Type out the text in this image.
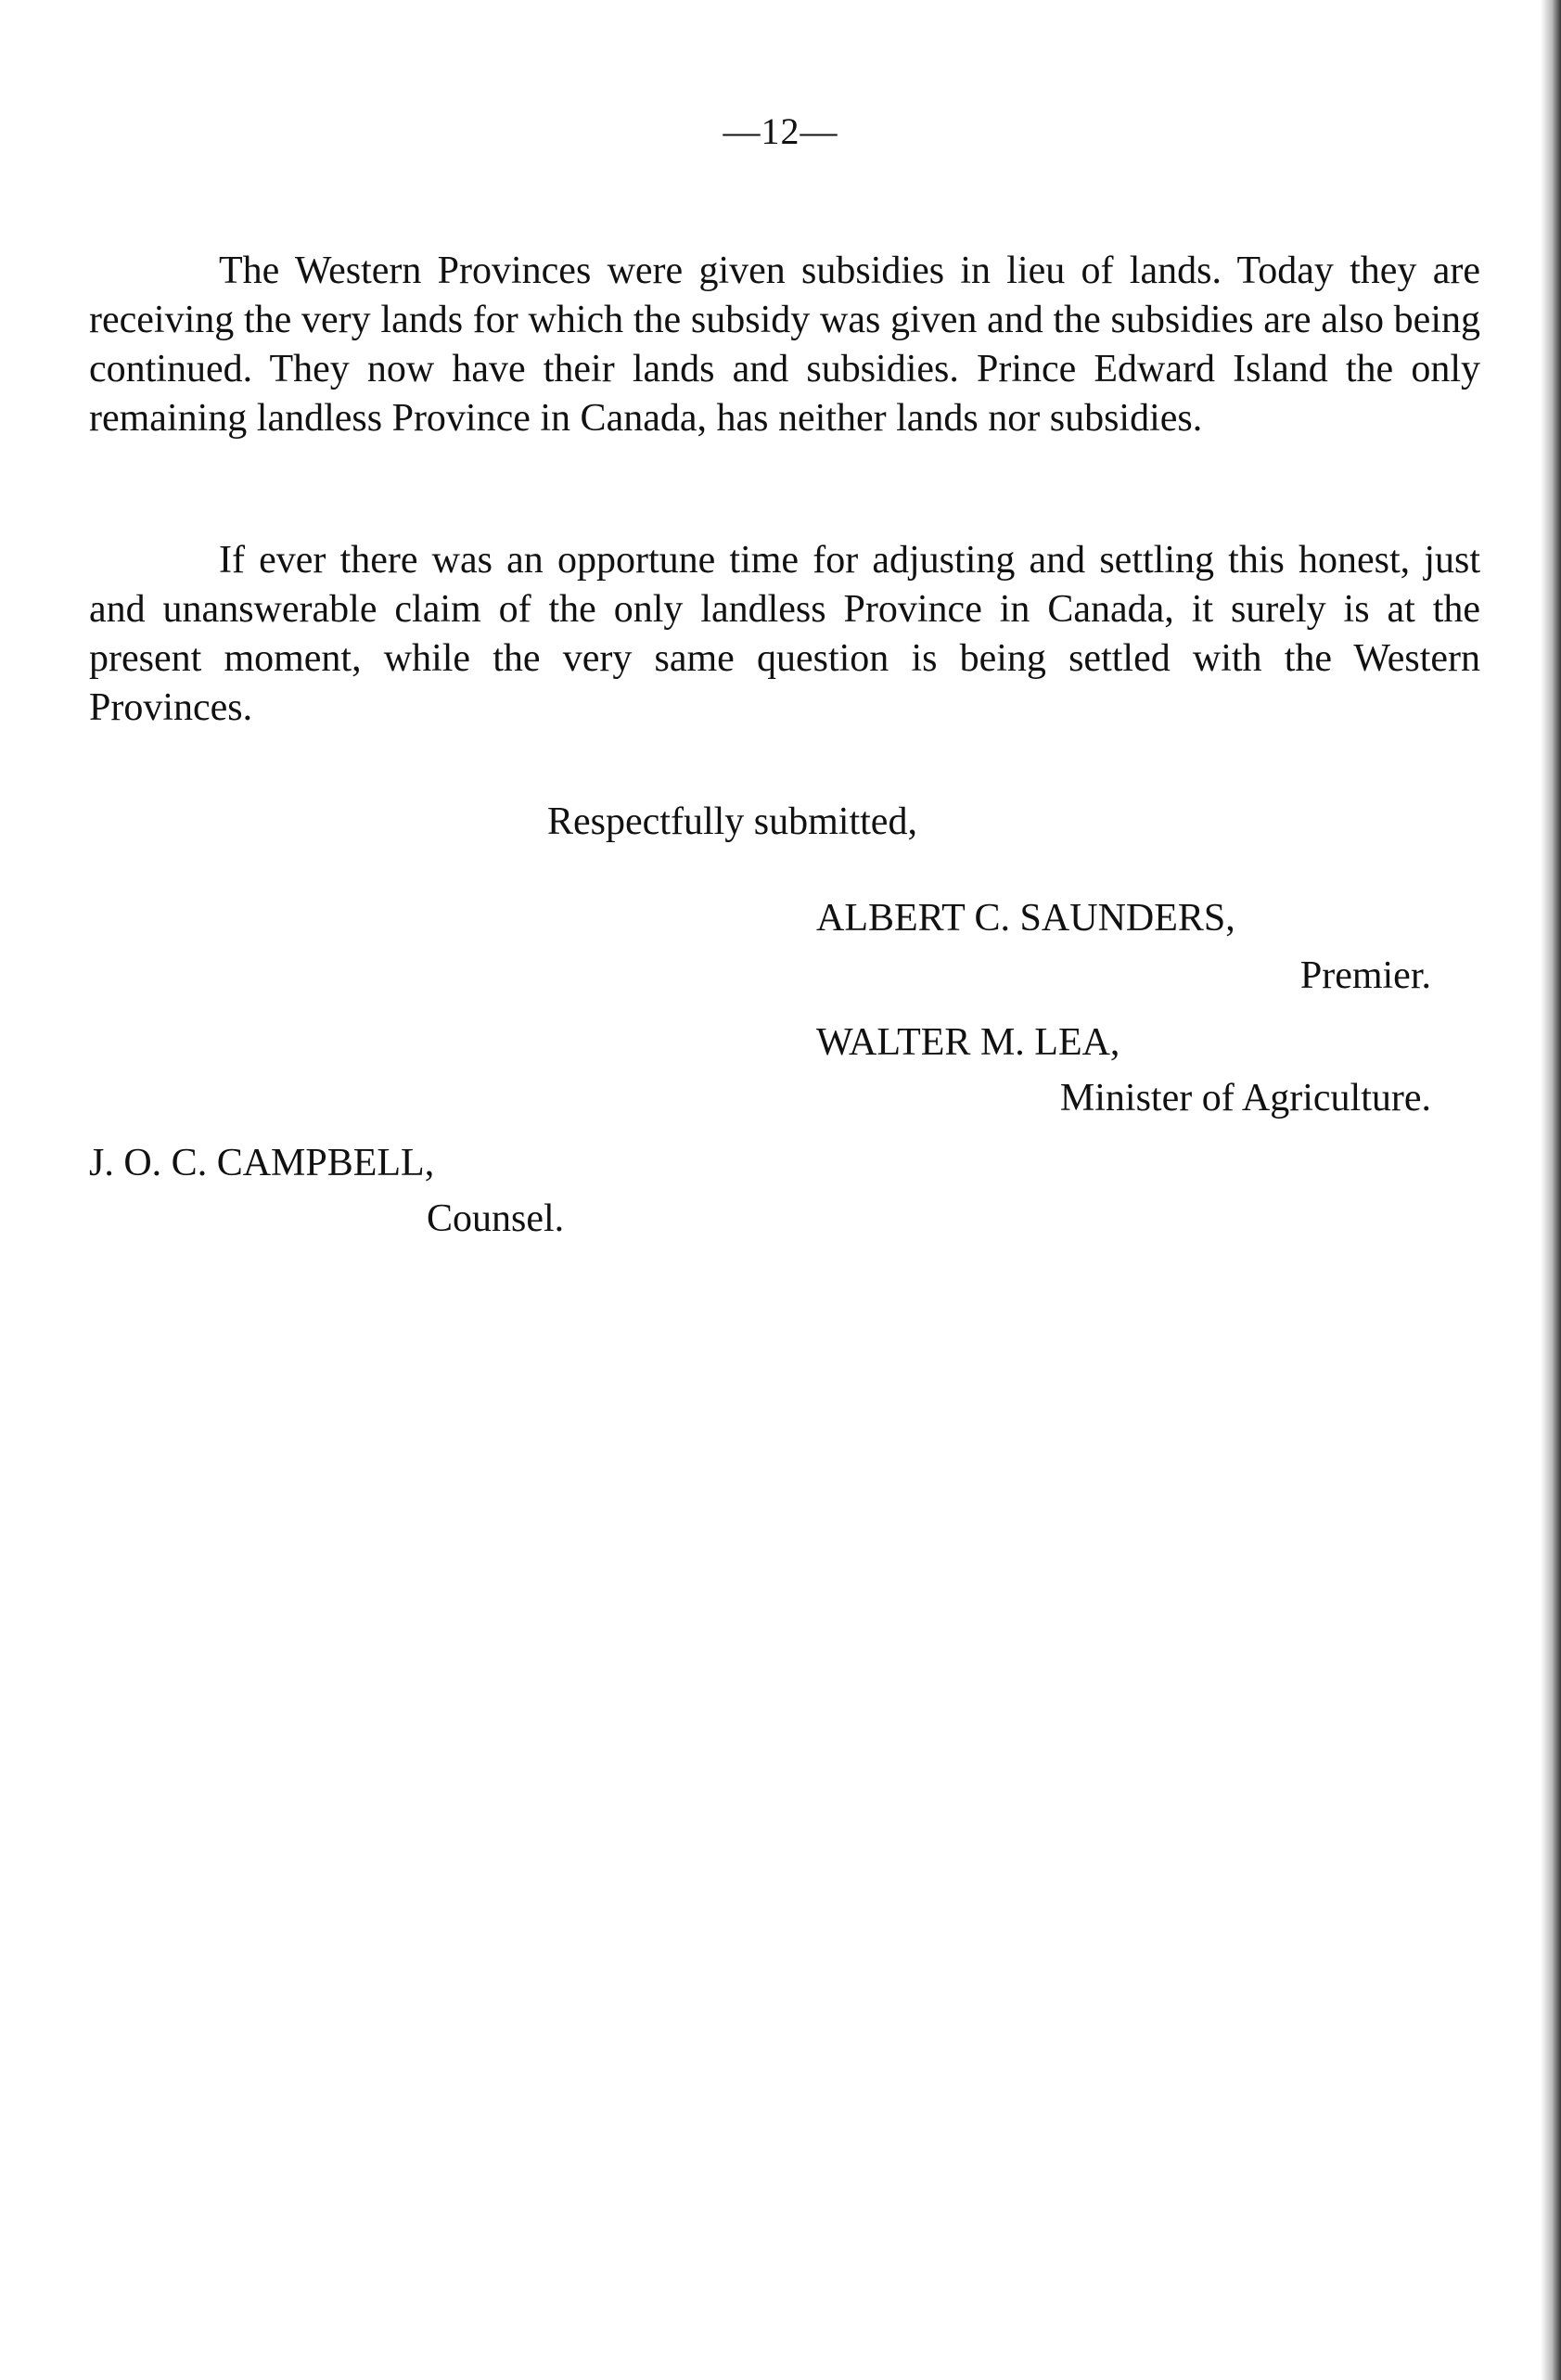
—12—

The Western Provinces were given subsidies in lieu of lands. Today they are receiving the very lands for which the subsidy was given and the subsidies are also being continued. They now have their lands and subsidies. Prince Edward Island the only remaining landless Province in Canada, has neither lands nor subsidies.

If ever there was an opportune time for adjusting and settling this honest, just and unanswerable claim of the only landless Province in Canada, it surely is at the present moment, while the very same question is being settled with the Western Provinces.

Respectfully submitted,
ALBERT C. SAUNDERS,
Premier.
WALTER M. LEA,
Minister of Agriculture.
J. O. C. CAMPBELL,
Counsel.
